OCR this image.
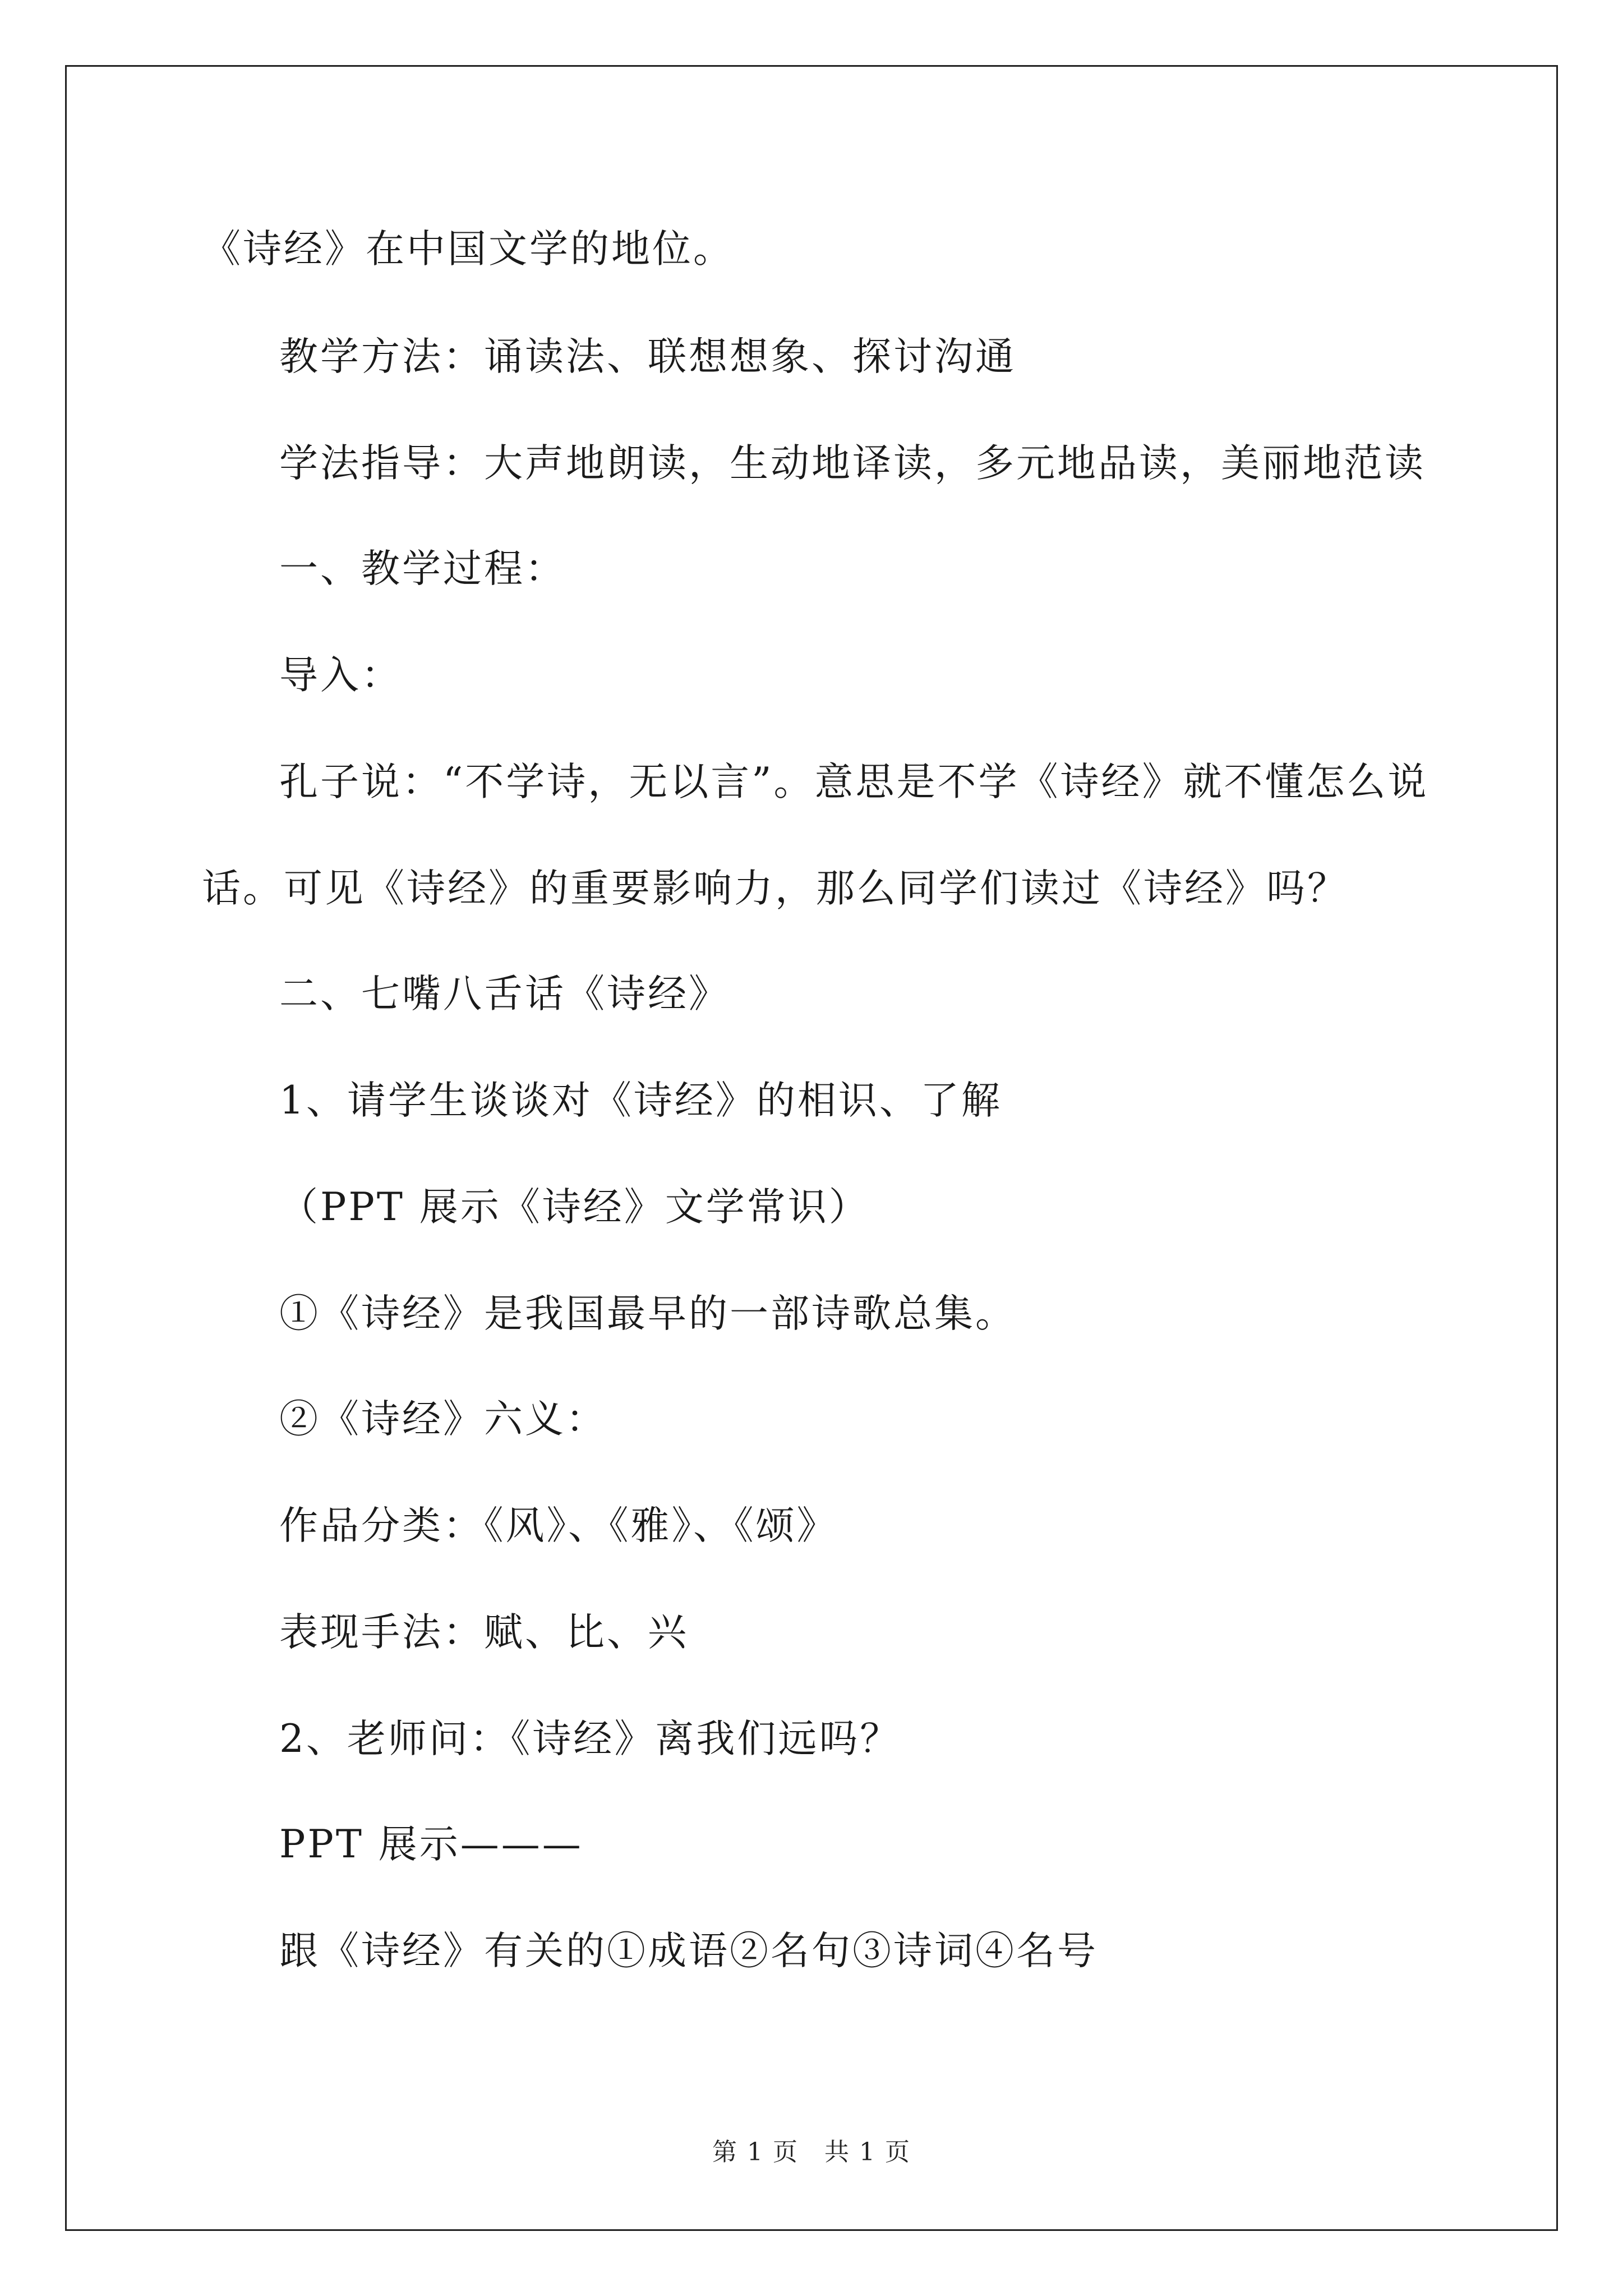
《诗经》在中国文学的地位。
教学方法：诵读法、联想想象、探讨沟通
学法指导：大声地朗读，生动地译读，多元地品读，美丽地范读
一、教学过程：
导入：
孔子说：“不学诗，无以言”。意思是不学《诗经》就不懂怎么说
话。可见《诗经》的重要影响力，那么同学们读过《诗经》吗？
二、七嘴八舌话《诗经》
1、请学生谈谈对《诗经》的相识、了解
（PPT 展示《诗经》文学常识）
①《诗经》是我国最早的一部诗歌总集。
②《诗经》六义：
作品分类：《风》、《雅》、《颂》
表现手法：赋、比、兴
2、老师问：《诗经》离我们远吗？
PPT 展示———
跟《诗经》有关的①成语②名句③诗词④名号
第 1 页　共 1 页
